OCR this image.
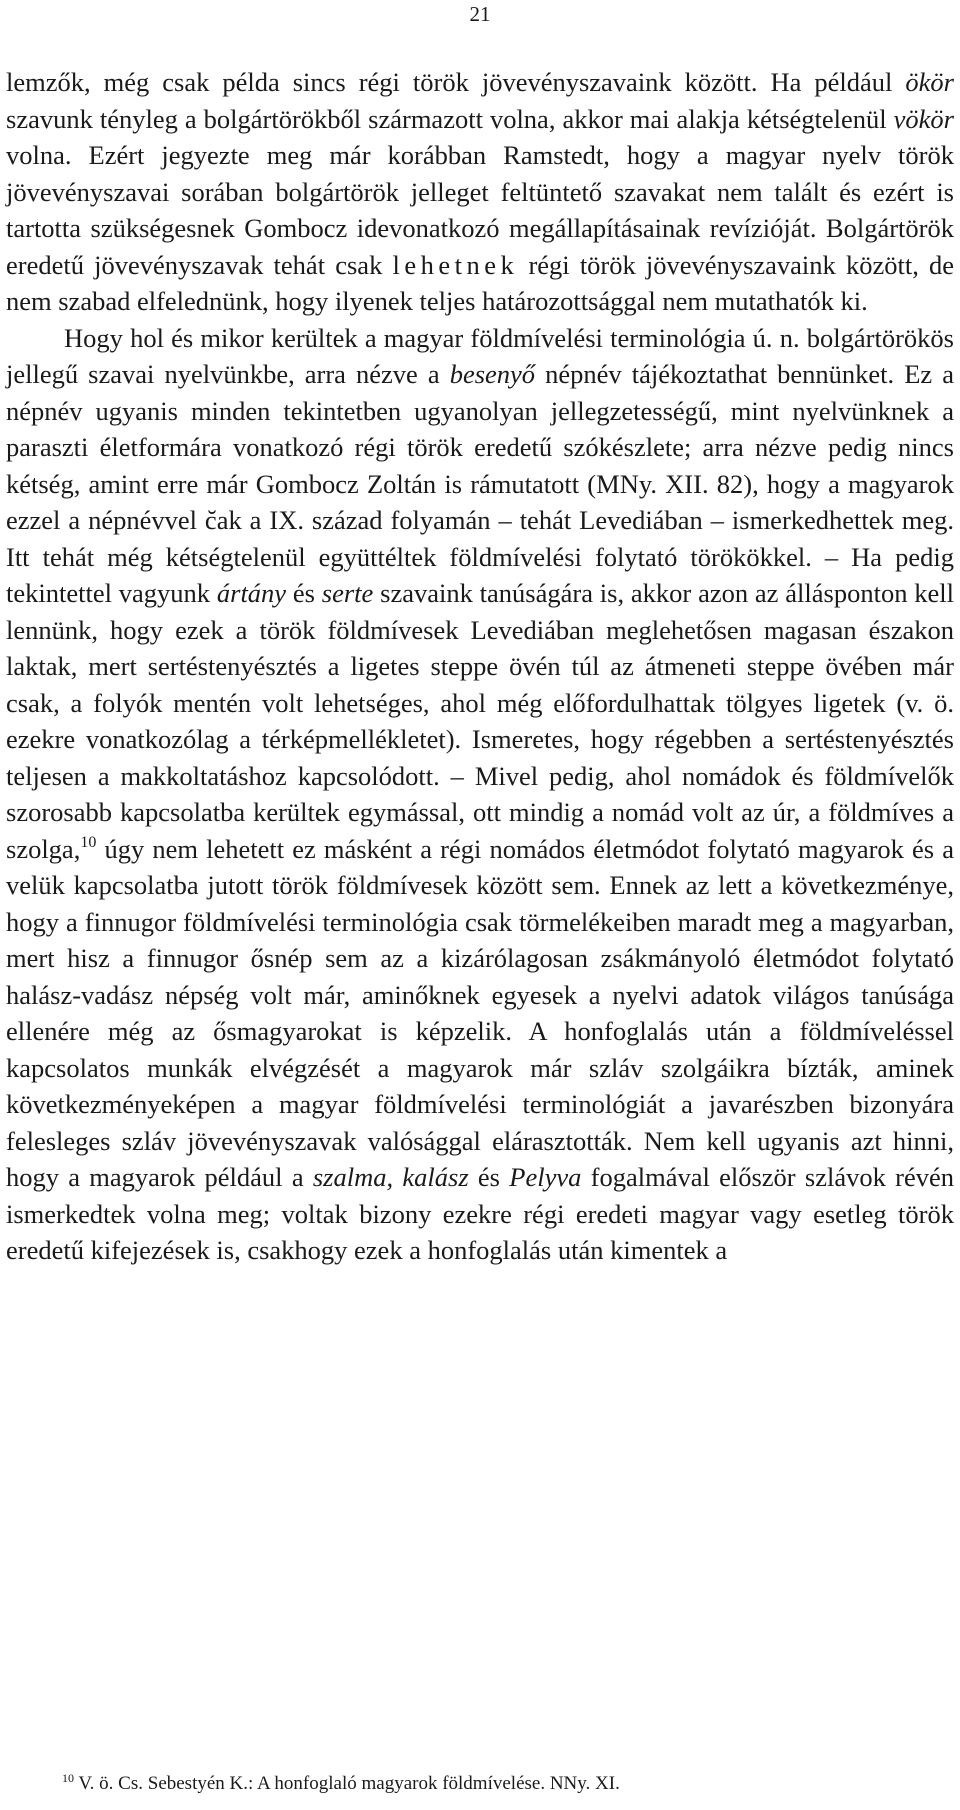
21

lemzők, még csak példa sincs régi török jövevényszavaink között. Ha például ökör szavunk tényleg a bolgártörökből származott volna, akkor mai alakja kétségtelenül vökör volna. Ezért jegyezte meg már korábban Ramstedt, hogy a magyar nyelv török jövevényszavai sorában bolgártörök jelleget feltüntető szavakat nem talált és ezért is tartotta szükségesnek Gombocz idevonatkozó megállapításainak revízióját. Bolgártörök eredetű jövevényszavak tehát csak lehetnek régi török jövevényszavaink között, de nem szabad elfelednünk, hogy ilyenek teljes határozottsággal nem mutathatók ki.

Hogy hol és mikor kerültek a magyar földmívelési terminológia ú. n. bolgártörökös jellegű szavai nyelvünkbe, arra nézve a besenyő népnév tájékoztathat bennünket. Ez a népnév ugyanis minden tekintetben ugyanolyan jellegzetességű, mint nyelvünknek a paraszti életformára vonatkozó régi török eredetű szókészlete; arra nézve pedig nincs kétség, amint erre már Gombocz Zoltán is rámutatott (MNy. XII. 82), hogy a magyarok ezzel a népnévvel c̆ak a IX. század folyamán – tehát Levediában – ismerkedhettek meg. Itt tehát még kétségtelenül együttéltek földmívelési folytató törökökkel. – Ha pedig tekintettel vagyunk ártány és serte szavaink tanúságára is, akkor azon az állásponton kell lennünk, hogy ezek a török földmívesek Levediában meglehetősen magasan északon laktak, mert sertéstenyésztés a ligetes steppe övén túl az átmeneti steppe övében már csak, a folyók mentén volt lehetséges, ahol még előfordulhattak tölgyes ligetek (v. ö. ezekre vonatkozólag a térképmellékletet). Ismeretes, hogy régebben a sertéstenyésztés teljesen a makkoltatáshoz kapcsolódott. – Mivel pedig, ahol nomádok és földmívelők szorosabb kapcsolatba kerültek egymással, ott mindig a nomád volt az úr, a földmíves a szolga,$^{10}$ úgy nem lehetett ez másként a régi nomádos életmódot folytató magyarok és a velük kapcsolatba jutott török földmívesek között sem. Ennek az lett a következménye, hogy a finnugor földmívelési terminológia csak törmelékeiben maradt meg a magyarban, mert hisz a finnugor ősnép sem az a kizárólagosan zsákmányoló életmódot folytató halász-vadász népség volt már, aminőknek egyesek a nyelvi adatok világos tanúsága ellenére még az ősmagyarokat is képzelik. A honfoglalás után a földmíveléssel kapcsolatos munkák elvégzését a magyarok már szláv szolgáikra bízták, aminek következményeképen a magyar földmívelési terminológiát a javarészben bizonyára felesleges szláv jövevényszavak valósággal elárasztották. Nem kell ugyanis azt hinni, hogy a magyarok például a szalma, kalász és Pelyva fogalmával először szlávok révén ismerkedtek volna meg; voltak bizony ezekre régi eredeti magyar vagy esetleg török eredetű kifejezések is, csakhogy ezek a honfoglalás után kimentek a

$^{10}$ V. ö. Cs. Sebestyén K.: A honfoglaló magyarok földmívelése. NNy. XI.
